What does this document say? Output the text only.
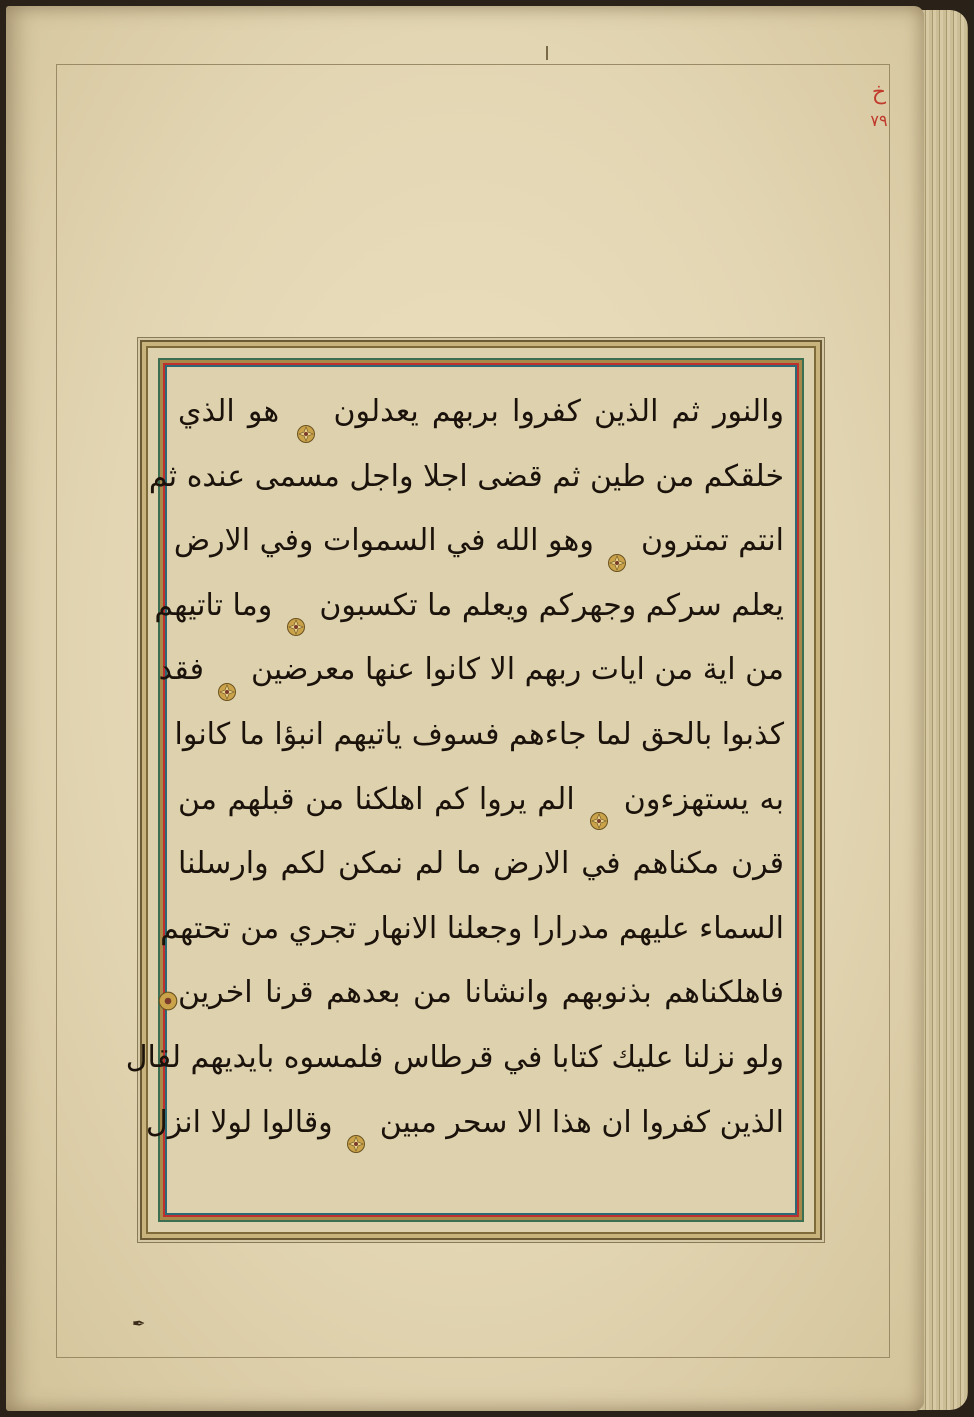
خ
٧٩
والنور ثم الذين كفروا بربهم يعدلون  هو الذي
خلقكم من طين ثم قضى اجلا واجل مسمى عنده ثم
انتم تمترون  وهو الله في السموات وفي الارض
يعلم سركم وجهركم ويعلم ما تكسبون  وما تاتيهم
من اية من ايات ربهم الا كانوا عنها معرضين  فقد
كذبوا بالحق لما جاءهم فسوف ياتيهم انبؤا ما كانوا
به يستهزءون  الم يروا كم اهلكنا من قبلهم من
قرن مكناهم في الارض ما لم نمكن لكم وارسلنا
السماء عليهم مدرارا وجعلنا الانهار تجري من تحتهم
فاهلكناهم بذنوبهم وانشانا من بعدهم قرنا اخرين
ولو نزلنا عليك كتابا في قرطاس فلمسوه بايديهم لقال
الذين كفروا ان هذا الا سحر مبين  وقالوا لولا انزل
✒
